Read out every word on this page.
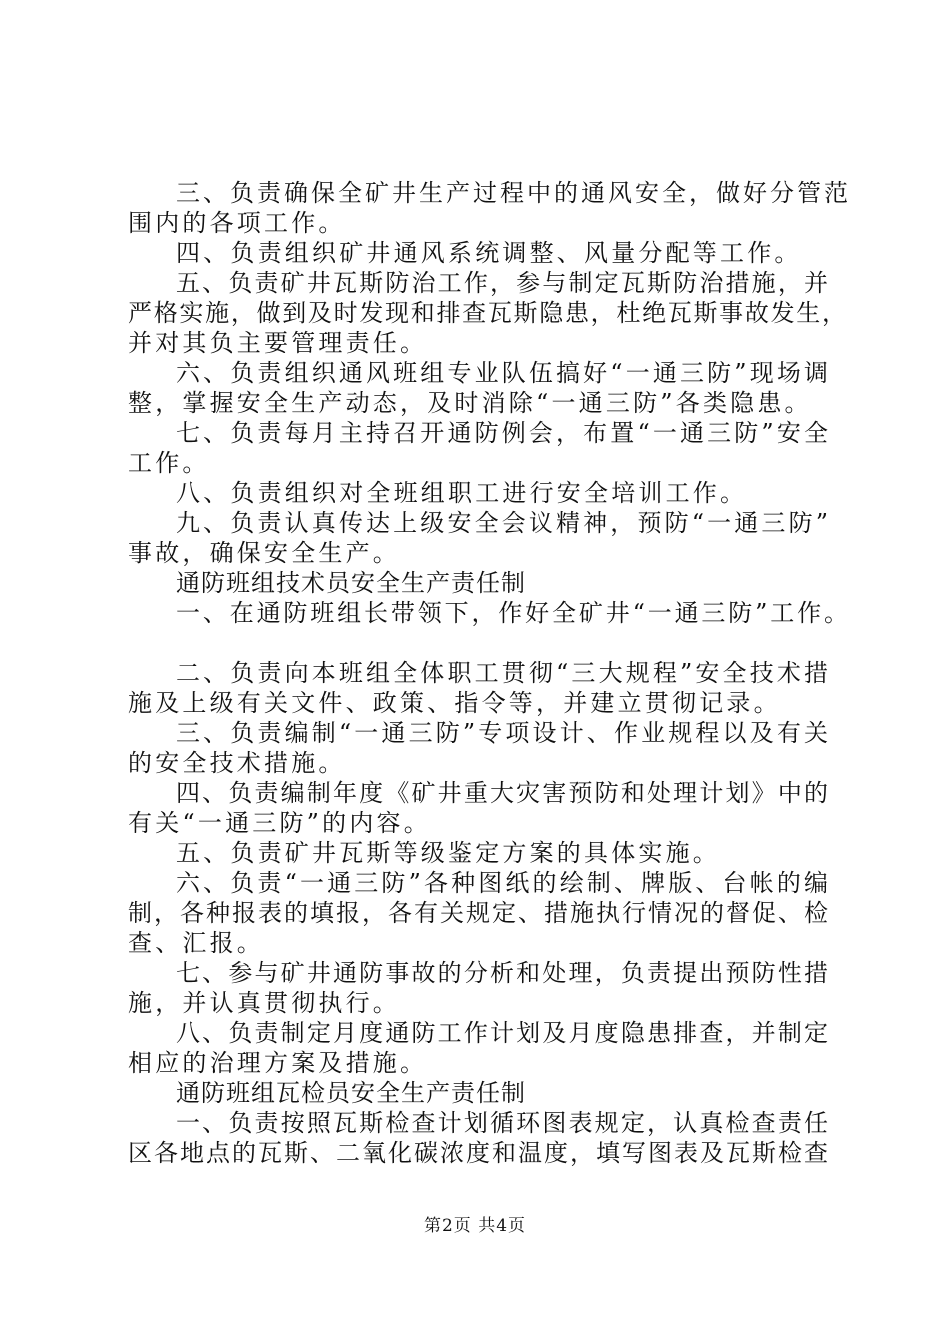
三、负责确保全矿井生产过程中的通风安全，做好分管范
围内的各项工作。
四、负责组织矿井通风系统调整、风量分配等工作。
五、负责矿井瓦斯防治工作，参与制定瓦斯防治措施，并
严格实施，做到及时发现和排查瓦斯隐患，杜绝瓦斯事故发生，
并对其负主要管理责任。
六、负责组织通风班组专业队伍搞好“一通三防”现场调
整，掌握安全生产动态，及时消除“一通三防”各类隐患。
七、负责每月主持召开通防例会，布置“一通三防”安全
工作。
八、负责组织对全班组职工进行安全培训工作。
九、负责认真传达上级安全会议精神，预防“一通三防”
事故，确保安全生产。
通防班组技术员安全生产责任制
一、在通防班组长带领下，作好全矿井“一通三防”工作。
二、负责向本班组全体职工贯彻“三大规程”安全技术措
施及上级有关文件、政策、指令等，并建立贯彻记录。
三、负责编制“一通三防”专项设计、作业规程以及有关
的安全技术措施。
四、负责编制年度《矿井重大灾害预防和处理计划》中的
有关“一通三防”的内容。
五、负责矿井瓦斯等级鉴定方案的具体实施。
六、负责“一通三防”各种图纸的绘制、牌版、台帐的编
制，各种报表的填报，各有关规定、措施执行情况的督促、检
查、汇报。
七、参与矿井通防事故的分析和处理，负责提出预防性措
施，并认真贯彻执行。
八、负责制定月度通防工作计划及月度隐患排查，并制定
相应的治理方案及措施。
通防班组瓦检员安全生产责任制
一、负责按照瓦斯检查计划循环图表规定，认真检查责任
区各地点的瓦斯、二氧化碳浓度和温度，填写图表及瓦斯检查
第2页 共4页
